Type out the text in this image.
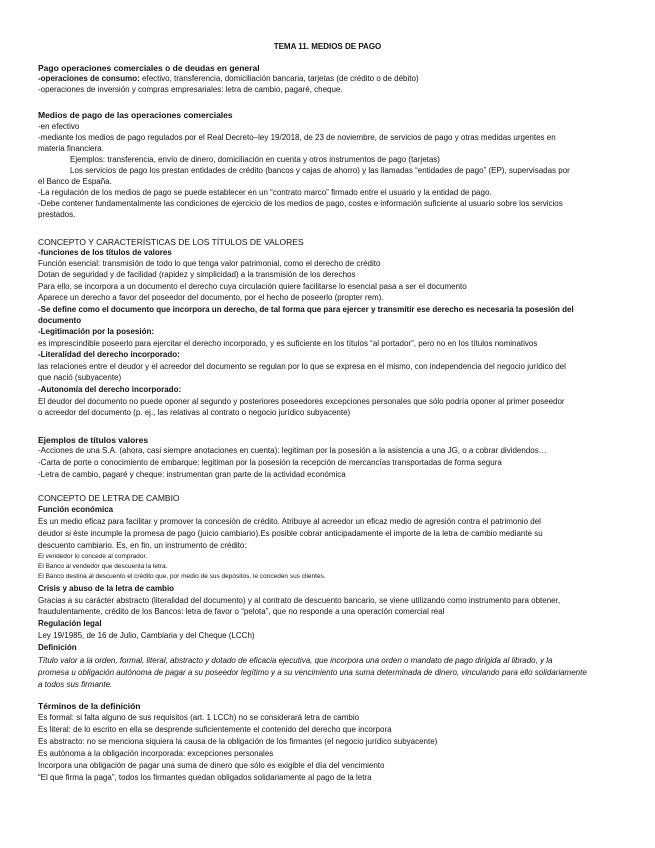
TEMA 11. MEDIOS DE PAGO
Pago operaciones comerciales o de deudas en general
-operaciones de consumo: efectivo, transferencia, domiciliación bancaria, tarjetas (de crédito o de débito)
-operaciones de inversión y compras empresariales: letra de cambio, pagaré, cheque.
Medios de pago de las operaciones comerciales
-en efectivo
-mediante los medios de pago regulados por el Real Decreto–ley 19/2018, de 23 de noviembre, de servicios de pago y otras medidas urgentes en
materia financiera.
Ejemplos: transferencia, envío de dinero, domiciliación en cuenta y otros instrumentos de pago (tarjetas)
Los servicios de pago los prestan entidades de crédito (bancos y cajas de ahorro) y las llamadas “entidades de pago” (EP), supervisadas por
el Banco de España.
-La regulación de los medios de pago se puede establecer en un “contrato marco” firmado entre el usuario y la entidad de pago.
-Debe contener fundamentalmente las condiciones de ejercicio de los medios de pago, costes e información suficiente al usuario sobre los servicios
prestados.
CONCEPTO Y CARACTERÍSTICAS DE LOS TÍTULOS DE VALORES
-funciones de los títulos de valores
Función esencial: transmisión de todo lo que tenga valor patrimonial, como el derecho de crédito
Dotan de seguridad y de facilidad (rapidez y simplicidad) a la transmisión de los derechos
Para ello, se incorpora a un documento el derecho cuya circulación quiere facilitarse lo esencial pasa a ser el documento
Aparece un derecho a favor del poseedor del documento, por el hecho de poseerlo (propter rem).
-Se define como el documento que incorpora un derecho, de tal forma que para ejercer y transmitir ese derecho es necesaria la posesión del
documento
-Legitimación por la posesión:
es imprescindible poseerlo para ejercitar el derecho incorporado, y es suficiente en los títulos “al portador”, pero no en los títulos nominativos
-Literalidad del derecho incorporado:
las relaciones entre el deudor y el acreedor del documento se regulan por lo que se expresa en el mismo, con independencia del negocio jurídico del
que nació (subyacente)
-Autonomía del derecho incorporado:
El deudor del documento no puede oponer al segundo y posteriores poseedores excepciones personales que sólo podría oponer al primer poseedor
o acreedor del documento (p. ej., las relativas al contrato o negocio jurídico subyacente)
Ejemplos de títulos valores
-Acciones de una S.A. (ahora, casi siempre anotaciones en cuenta): legitiman por la posesión a la asistencia a una JG, o a cobrar dividendos…
-Carta de porte o conocimiento de embarque: legitiman por la posesión la recepción de mercancías transportadas de forma segura
-Letra de cambio, pagaré y cheque: instrumentan gran parte de la actividad económica
CONCEPTO DE LETRA DE CAMBIO
Función económica
Es un medio eficaz para facilitar y promover la concesión de crédito. Atribuye al acreedor un eficaz medio de agresión contra el patrimonio del
deudor si éste incumple la promesa de pago (juicio cambiario).Es posible cobrar anticipadamente el importe de la letra de cambio mediante su
descuento cambiario. Es, en fin, un instrumento de crédito:
El vendedor lo concede al comprador.
El Banco al vendedor que descuenta la letra.
El Banco destina al descuento el crédito que, por medio de sus depósitos, le conceden sus clientes.
Crisis y abuso de la letra de cambio
Gracias a su carácter abstracto (literalidad del documento) y al contrato de descuento bancario, se viene utilizando como instrumento para obtener,
fraudulentamente, crédito de los Bancos: letra de favor o “pelota”, que no responde a una operación comercial real
Regulación legal
Ley 19/1985, de 16 de Julio, Cambiaria y del Cheque (LCCh)
Definición
Título valor a la orden, formal, literal, abstracto y dotado de eficacia ejecutiva, que incorpora una orden o mandato de pago dirigida al librado, y la
promesa u obligación autónoma de pagar a su poseedor legítimo y a su vencimiento una suma determinada de dinero, vinculando para ello solidariamente
a todos sus firmante.
Términos de la definición
Es formal: si falta alguno de sus requisitos (art. 1 LCCh) no se considerará letra de cambio
Es literal: de lo escrito en ella se desprende suficientemente el contenido del derecho que incorpora
Es abstracto: no se menciona siquiera la causa de la obligación de los firmantes (el negocio jurídico subyacente)
Es autónoma a la obligación incorporada: excepciones personales
Incorpora una obligación de pagar una suma de dinero que sólo es exigible el día del vencimiento
“El que firma la paga”, todos los firmantes quedan obligados solidariamente al pago de la letra
